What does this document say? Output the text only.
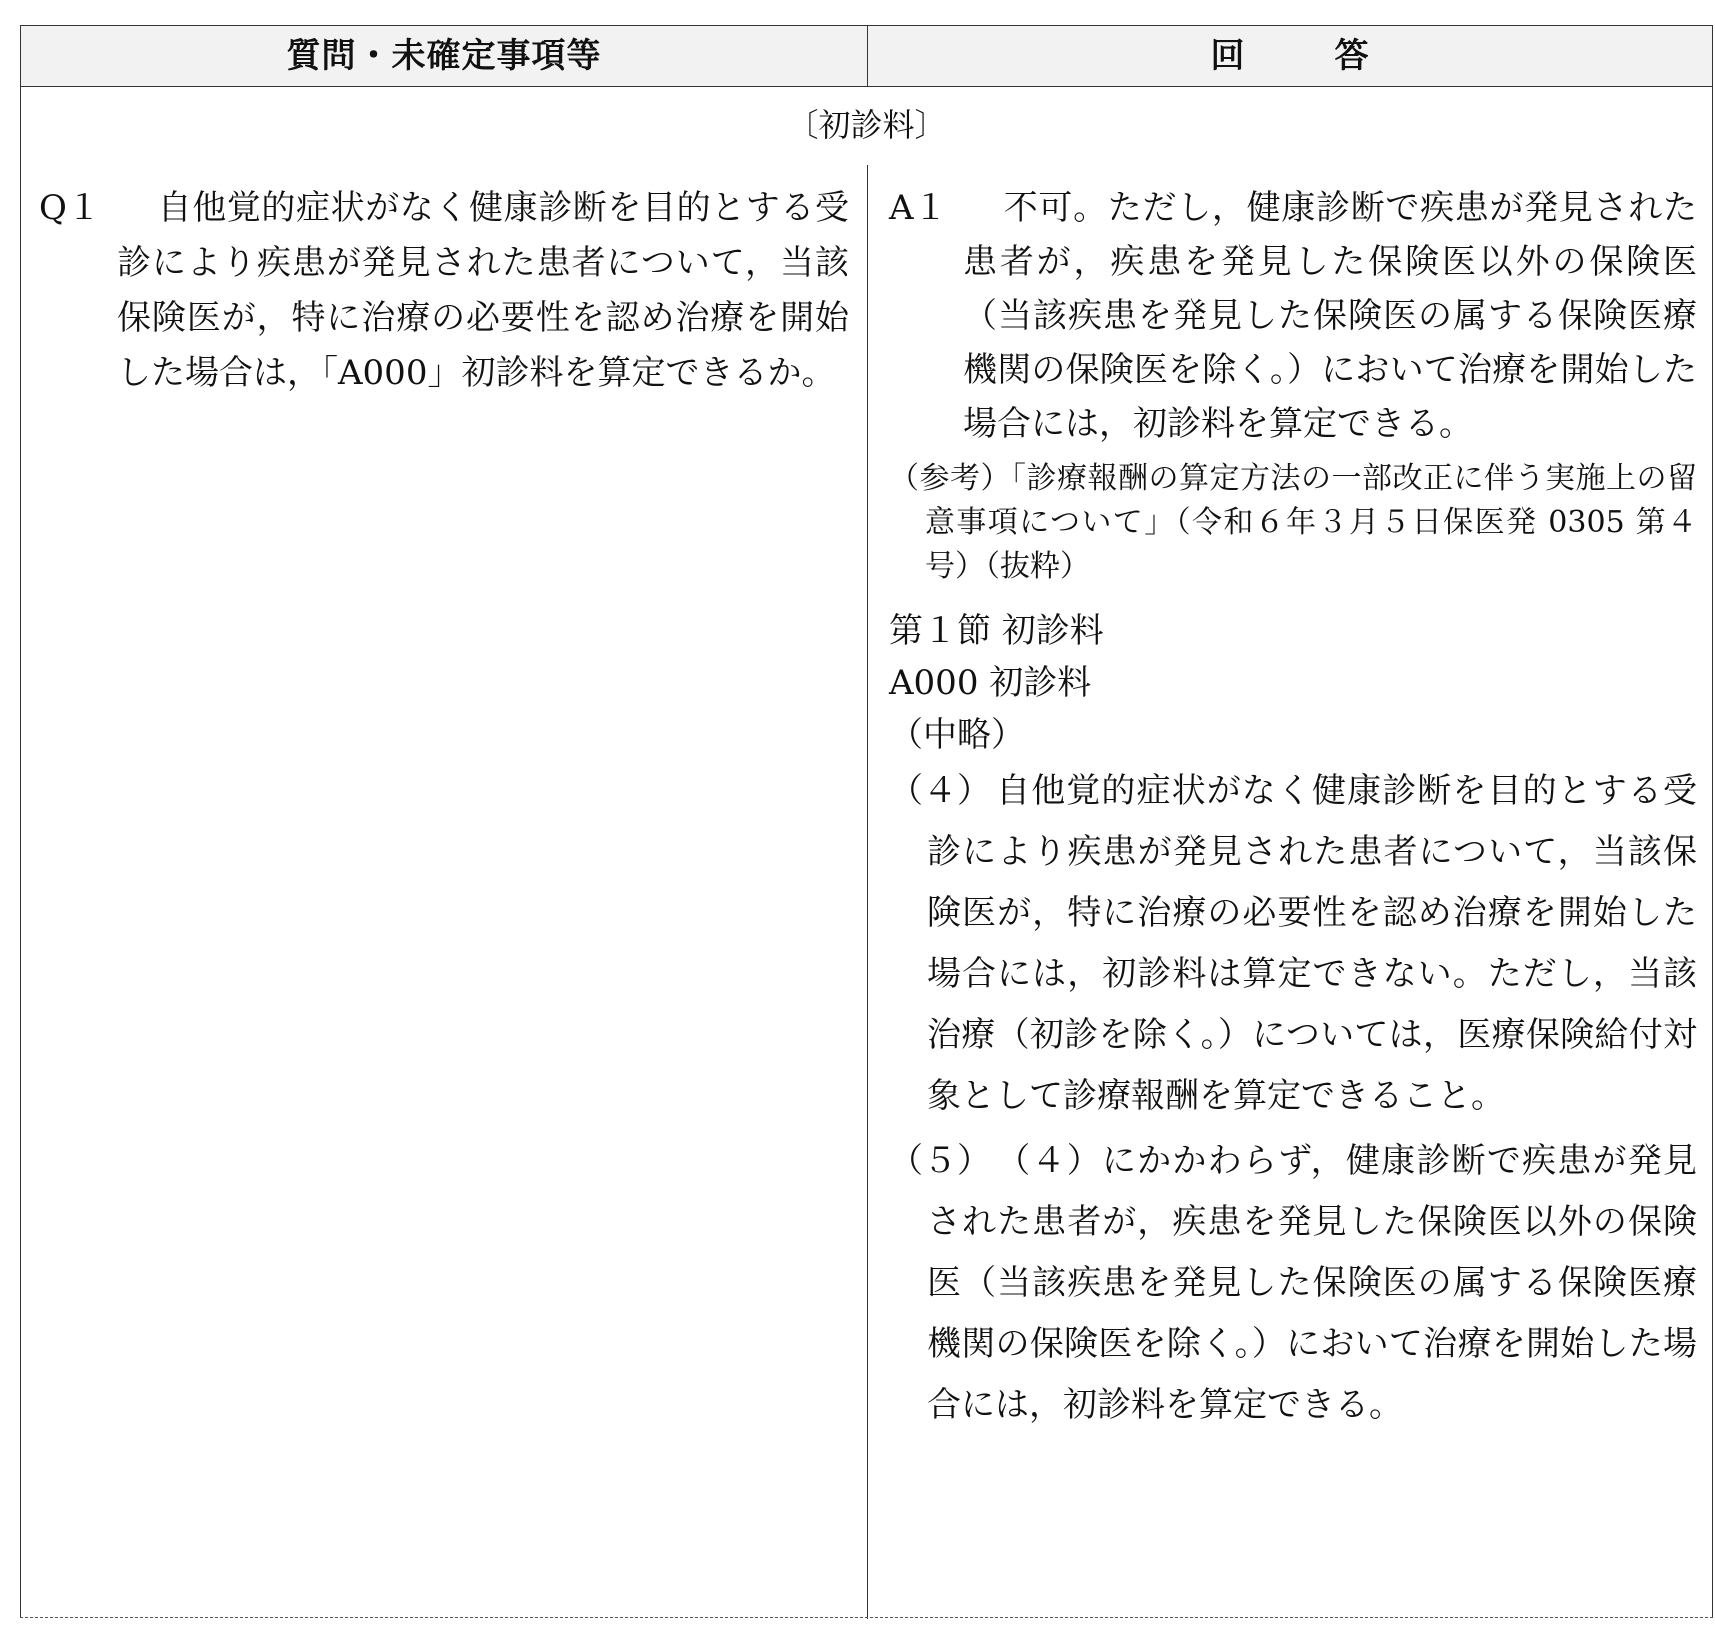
質問・未確定事項等	回答
〔初診料〕
Q１ 自他覚的症状がなく健康診断を目的とする受診により疾患が発見された患者について，当該保険医が，特に治療の必要性を認め治療を開始した場合は，「A000」初診料を算定できるか。
A１ 不可。ただし，健康診断で疾患が発見された患者が，疾患を発見した保険医以外の保険医（当該疾患を発見した保険医の属する保険医療機関の保険医を除く。）において治療を開始した場合には，初診料を算定できる。
（参考）「診療報酬の算定方法の一部改正に伴う実施上の留意事項について」（令和６年３月５日保医発 0305 第４号）（抜粋）
第１節 初診料
A000 初診料
（中略）
（４） 自他覚的症状がなく健康診断を目的とする受診により疾患が発見された患者について，当該保険医が，特に治療の必要性を認め治療を開始した場合には，初診料は算定できない。ただし，当該治療（初診を除く。）については，医療保険給付対象として診療報酬を算定できること。
（５） （４）にかかわらず，健康診断で疾患が発見された患者が，疾患を発見した保険医以外の保険医（当該疾患を発見した保険医の属する保険医療機関の保険医を除く。）において治療を開始した場合には，初診料を算定できる。
